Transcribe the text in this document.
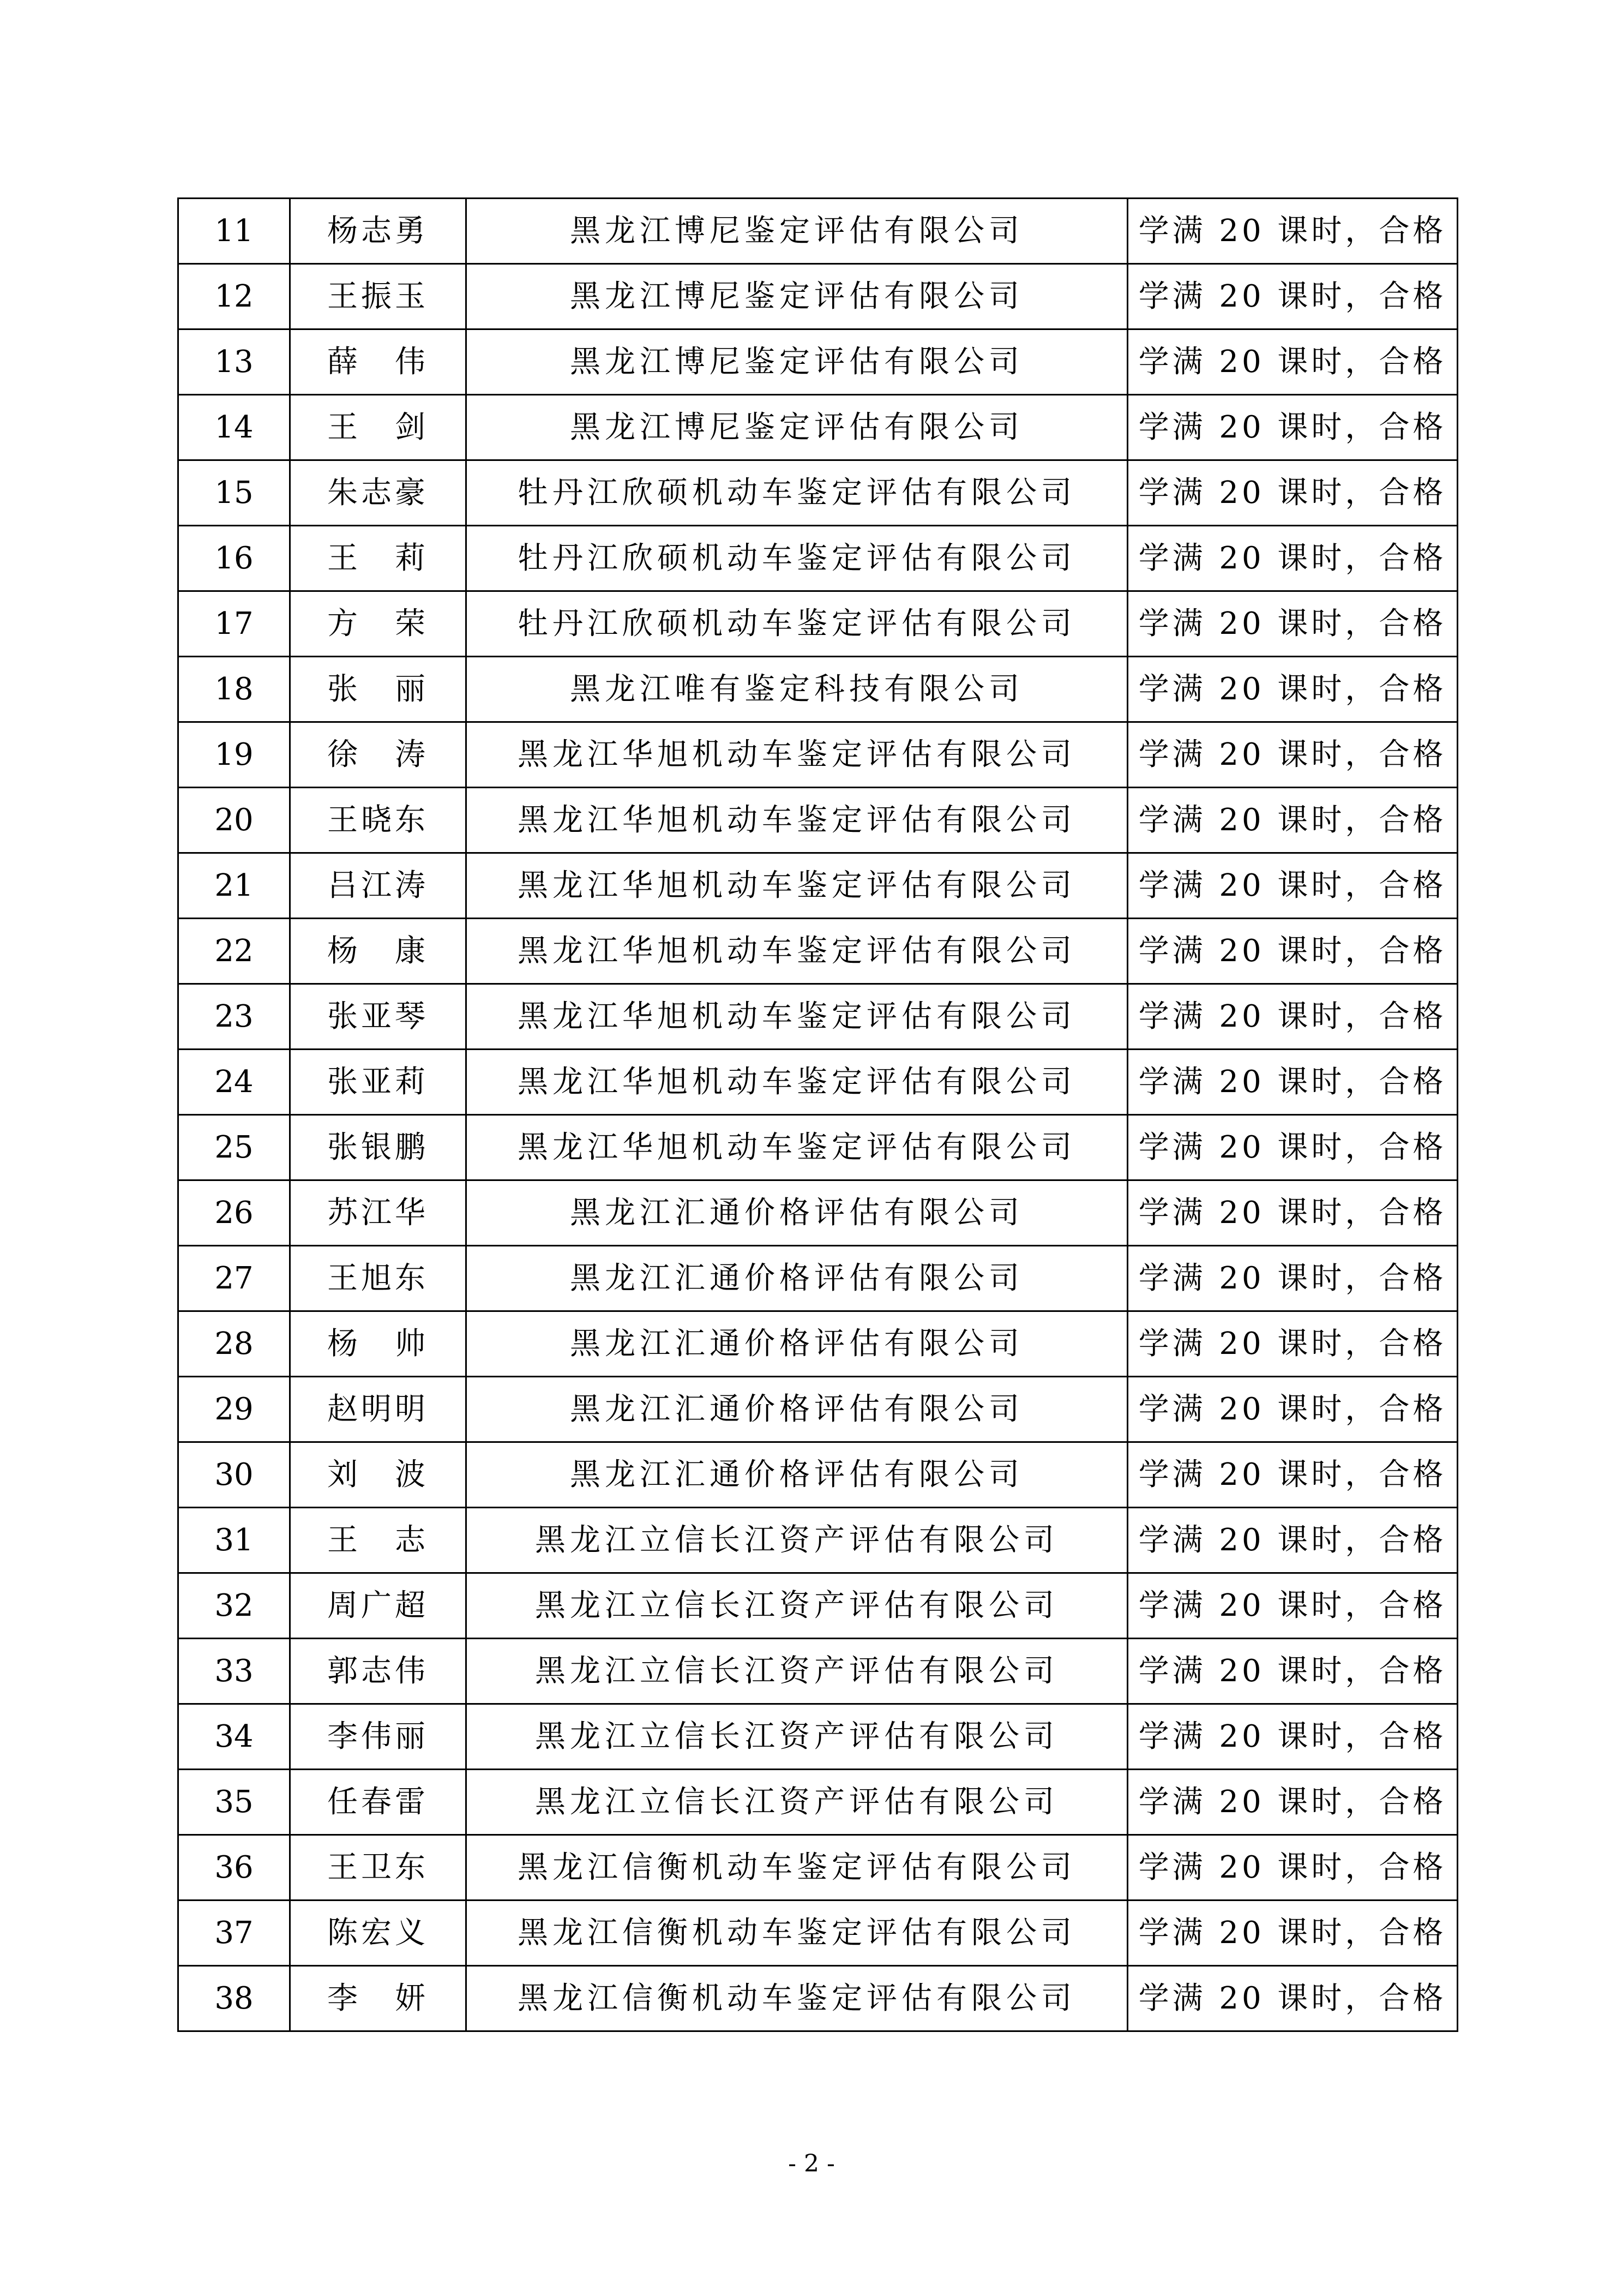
11	杨志勇	黑龙江博尼鉴定评估有限公司	学满 20 课时，合格
12	王振玉	黑龙江博尼鉴定评估有限公司	学满 20 课时，合格
13	薛　伟	黑龙江博尼鉴定评估有限公司	学满 20 课时，合格
14	王　剑	黑龙江博尼鉴定评估有限公司	学满 20 课时，合格
15	朱志豪	牡丹江欣硕机动车鉴定评估有限公司	学满 20 课时，合格
16	王　莉	牡丹江欣硕机动车鉴定评估有限公司	学满 20 课时，合格
17	方　荣	牡丹江欣硕机动车鉴定评估有限公司	学满 20 课时，合格
18	张　丽	黑龙江唯有鉴定科技有限公司	学满 20 课时，合格
19	徐　涛	黑龙江华旭机动车鉴定评估有限公司	学满 20 课时，合格
20	王晓东	黑龙江华旭机动车鉴定评估有限公司	学满 20 课时，合格
21	吕江涛	黑龙江华旭机动车鉴定评估有限公司	学满 20 课时，合格
22	杨　康	黑龙江华旭机动车鉴定评估有限公司	学满 20 课时，合格
23	张亚琴	黑龙江华旭机动车鉴定评估有限公司	学满 20 课时，合格
24	张亚莉	黑龙江华旭机动车鉴定评估有限公司	学满 20 课时，合格
25	张银鹏	黑龙江华旭机动车鉴定评估有限公司	学满 20 课时，合格
26	苏江华	黑龙江汇通价格评估有限公司	学满 20 课时，合格
27	王旭东	黑龙江汇通价格评估有限公司	学满 20 课时，合格
28	杨　帅	黑龙江汇通价格评估有限公司	学满 20 课时，合格
29	赵明明	黑龙江汇通价格评估有限公司	学满 20 课时，合格
30	刘　波	黑龙江汇通价格评估有限公司	学满 20 课时，合格
31	王　志	黑龙江立信长江资产评估有限公司	学满 20 课时，合格
32	周广超	黑龙江立信长江资产评估有限公司	学满 20 课时，合格
33	郭志伟	黑龙江立信长江资产评估有限公司	学满 20 课时，合格
34	李伟丽	黑龙江立信长江资产评估有限公司	学满 20 课时，合格
35	任春雷	黑龙江立信长江资产评估有限公司	学满 20 课时，合格
36	王卫东	黑龙江信衡机动车鉴定评估有限公司	学满 20 课时，合格
37	陈宏义	黑龙江信衡机动车鉴定评估有限公司	学满 20 课时，合格
38	李　妍	黑龙江信衡机动车鉴定评估有限公司	学满 20 课时，合格
- 2 -
